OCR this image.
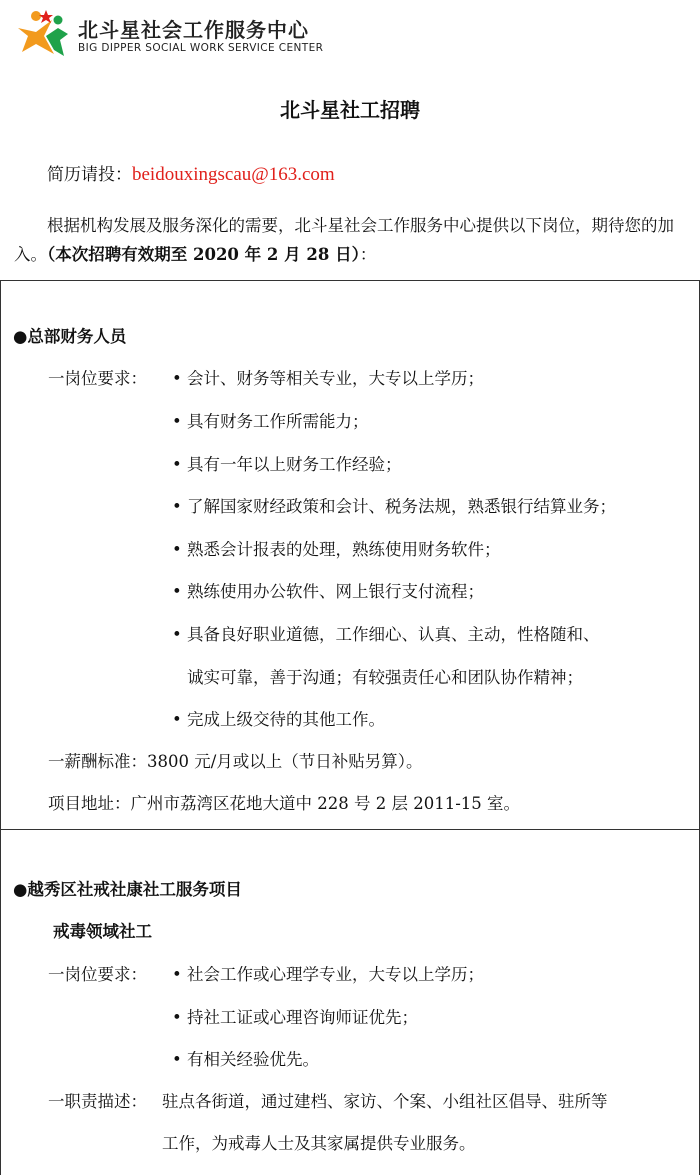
北斗星社会工作服务中心
BIG DIPPER SOCIAL WORK SERVICE CENTER
北斗星社工招聘
简历请投：beidouxingscau@163.com
根据机构发展及服务深化的需要，北斗星社会工作服务中心提供以下岗位，期待您的加入。（本次招聘有效期至 2020 年 2 月 28 日）：
●总部财务人员
一岗位要求： • 会计、财务等相关专业，大专以上学历；
• 具有财务工作所需能力；
• 具有一年以上财务工作经验；
• 了解国家财经政策和会计、税务法规，熟悉银行结算业务；
• 熟悉会计报表的处理，熟练使用财务软件；
• 熟练使用办公软件、网上银行支付流程；
• 具备良好职业道德，工作细心、认真、主动，性格随和、
诚实可靠，善于沟通；有较强责任心和团队协作精神；
• 完成上级交待的其他工作。
一薪酬标准：3800 元/月或以上（节日补贴另算）。
项目地址：广州市荔湾区花地大道中 228 号 2 层 2011-15 室。
●越秀区社戒社康社工服务项目
戒毒领域社工
一岗位要求： • 社会工作或心理学专业，大专以上学历；
• 持社工证或心理咨询师证优先；
• 有相关经验优先。
一职责描述： 驻点各街道，通过建档、家访、个案、小组社区倡导、驻所等
工作，为戒毒人士及其家属提供专业服务。
